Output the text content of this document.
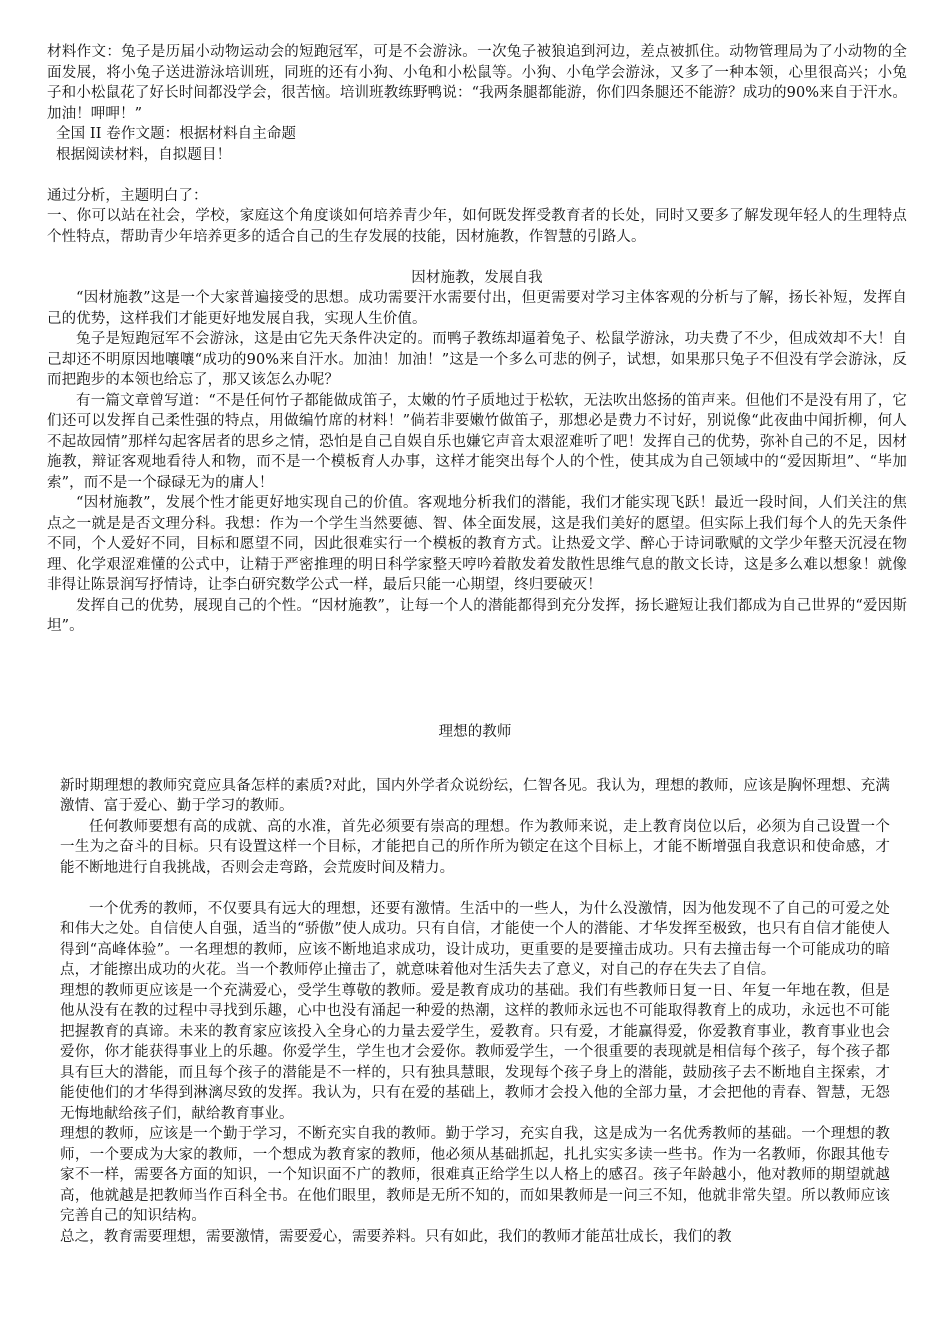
材料作文：兔子是历届小动物运动会的短跑冠军，可是不会游泳。一次兔子被狼追到河边，差点被抓住。动物管理局为了小动物的全面发展，将小兔子送进游泳培训班，同班的还有小狗、小龟和小松鼠等。小狗、小龟学会游泳，又多了一种本领，心里很高兴；小兔子和小松鼠花了好长时间都没学会，很苦恼。培训班教练野鸭说：“我两条腿都能游，你们四条腿还不能游？成功的90%来自于汗水。加油！呷呷！”

全国 II 卷作文题：根据材料自主命题

根据阅读材料，自拟题目！

通过分析，主题明白了：

一、你可以站在社会，学校，家庭这个角度谈如何培养青少年，如何既发挥受教育者的长处，同时又要多了解发现年轻人的生理特点个性特点，帮助青少年培养更多的适合自己的生存发展的技能，因材施教，作智慧的引路人。

因材施教，发展自我

“因材施教”这是一个大家普遍接受的思想。成功需要汗水需要付出，但更需要对学习主体客观的分析与了解，扬长补短，发挥自己的优势，这样我们才能更好地发展自我，实现人生价值。

兔子是短跑冠军不会游泳，这是由它先天条件决定的。而鸭子教练却逼着兔子、松鼠学游泳，功夫费了不少，但成效却不大！自己却还不明原因地嚷嚷“成功的90%来自汗水。加油！加油！”这是一个多么可悲的例子，试想，如果那只兔子不但没有学会游泳，反而把跑步的本领也给忘了，那又该怎么办呢？

有一篇文章曾写道：“不是任何竹子都能做成笛子，太嫩的竹子质地过于松软，无法吹出悠扬的笛声来。但他们不是没有用了，它们还可以发挥自己柔性强的特点，用做编竹席的材料！”倘若非要嫩竹做笛子，那想必是费力不讨好，别说像“此夜曲中闻折柳，何人不起故园情”那样勾起客居者的思乡之情，恐怕是自己自娱自乐也嫌它声音太艰涩难听了吧！发挥自己的优势，弥补自己的不足，因材施教，辩证客观地看待人和物，而不是一个模板育人办事，这样才能突出每个人的个性，使其成为自己领域中的“爱因斯坦”、“毕加索”，而不是一个碌碌无为的庸人！

“因材施教”，发展个性才能更好地实现自己的价值。客观地分析我们的潜能，我们才能实现飞跃！最近一段时间，人们关注的焦点之一就是是否文理分科。我想：作为一个学生当然要德、智、体全面发展，这是我们美好的愿望。但实际上我们每个人的先天条件不同，个人爱好不同，目标和愿望不同，因此很难实行一个模板的教育方式。让热爱文学、醉心于诗词歌赋的文学少年整天沉浸在物理、化学艰涩难懂的公式中，让精于严密推理的明日科学家整天哼吟着散发着发散性思维气息的散文长诗，这是多么难以想象！就像非得让陈景润写抒情诗，让李白研究数学公式一样，最后只能一心期望，终归要破灭！

发挥自己的优势，展现自己的个性。“因材施教”，让每一个人的潜能都得到充分发挥，扬长避短让我们都成为自己世界的“爱因斯坦”。

理想的教师

新时期理想的教师究竟应具备怎样的素质?对此，国内外学者众说纷纭，仁智各见。我认为，理想的教师，应该是胸怀理想、充满激情、富于爱心、勤于学习的教师。

任何教师要想有高的成就、高的水准，首先必须要有崇高的理想。作为教师来说，走上教育岗位以后，必须为自己设置一个一生为之奋斗的目标。只有设置这样一个目标，才能把自己的所作所为锁定在这个目标上，才能不断增强自我意识和使命感，才能不断地进行自我挑战，否则会走弯路，会荒废时间及精力。

一个优秀的教师，不仅要具有远大的理想，还要有激情。生活中的一些人，为什么没激情，因为他发现不了自己的可爱之处和伟大之处。自信使人自强，适当的“骄傲”使人成功。只有自信，才能使一个人的潜能、才华发挥至极致，也只有自信才能使人得到“高峰体验”。一名理想的教师，应该不断地追求成功，设计成功，更重要的是要撞击成功。只有去撞击每一个可能成功的暗点，才能擦出成功的火花。当一个教师停止撞击了，就意味着他对生活失去了意义，对自己的存在失去了自信。

理想的教师更应该是一个充满爱心，受学生尊敬的教师。爱是教育成功的基础。我们有些教师日复一日、年复一年地在教，但是他从没有在教的过程中寻找到乐趣，心中也没有涌起一种爱的热潮，这样的教师永远也不可能取得教育上的成功，永远也不可能把握教育的真谛。未来的教育家应该投入全身心的力量去爱学生，爱教育。只有爱，才能赢得爱，你爱教育事业，教育事业也会爱你，你才能获得事业上的乐趣。你爱学生，学生也才会爱你。教师爱学生，一个很重要的表现就是相信每个孩子，每个孩子都具有巨大的潜能，而且每个孩子的潜能是不一样的，只有独具慧眼，发现每个孩子身上的潜能，鼓励孩子去不断地自主探索，才能使他们的才华得到淋漓尽致的发挥。我认为，只有在爱的基础上，教师才会投入他的全部力量，才会把他的青春、智慧，无怨无悔地献给孩子们，献给教育事业。

理想的教师，应该是一个勤于学习，不断充实自我的教师。勤于学习，充实自我，这是成为一名优秀教师的基础。一个理想的教师，一个要成为大家的教师，一个想成为教育家的教师，他必须从基础抓起，扎扎实实多读一些书。作为一名教师，你跟其他专家不一样，需要各方面的知识，一个知识面不广的教师，很难真正给学生以人格上的感召。孩子年龄越小，他对教师的期望就越高，他就越是把教师当作百科全书。在他们眼里，教师是无所不知的，而如果教师是一问三不知，他就非常失望。所以教师应该完善自己的知识结构。

总之，教育需要理想，需要激情，需要爱心，需要养料。只有如此，我们的教师才能茁壮成长，我们的教
